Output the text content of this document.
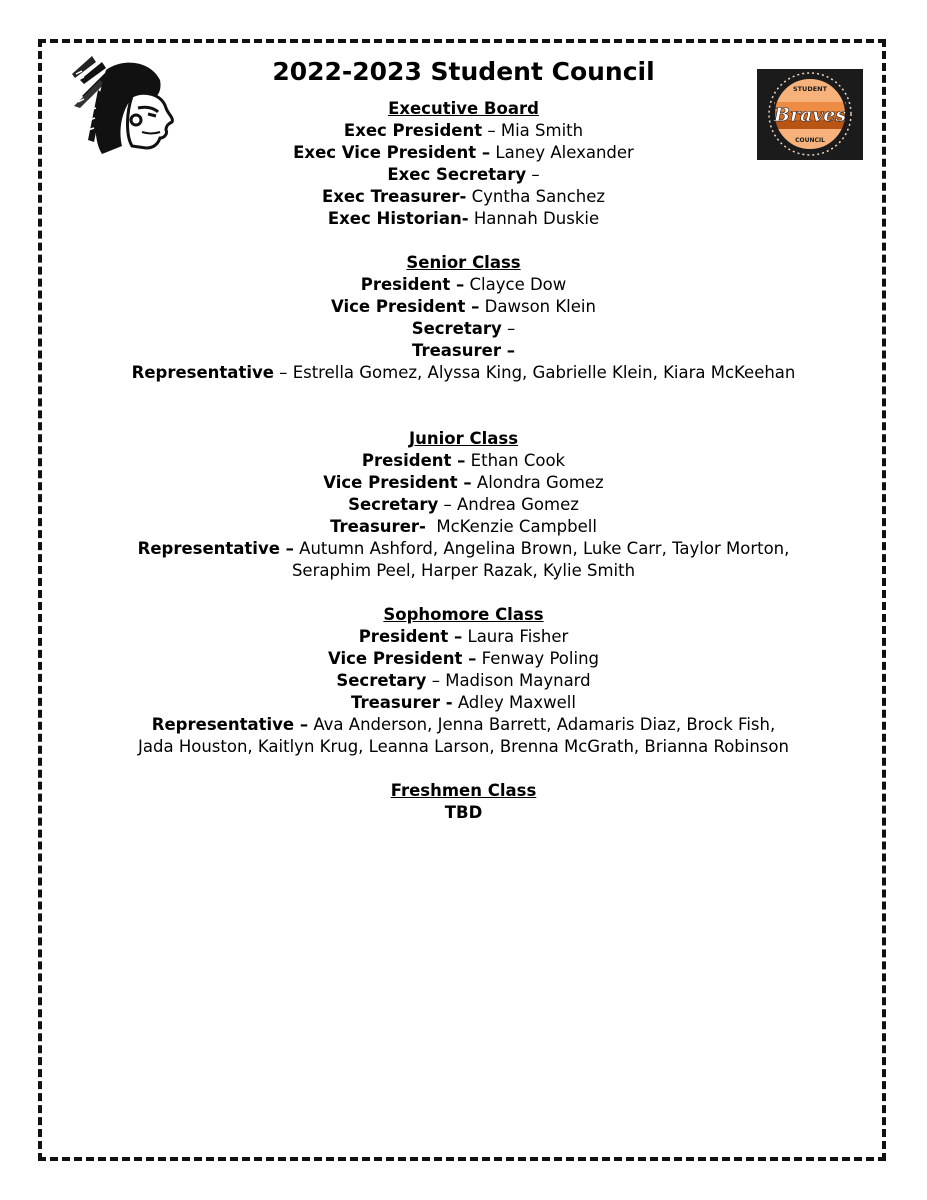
2022-2023 Student Council
STUDENT
Braves
COUNCIL
Executive Board
Exec President – Mia Smith
Exec Vice President – Laney Alexander
Exec Secretary –
Exec Treasurer- Cyntha Sanchez
Exec Historian- Hannah Duskie
Senior Class
President – Clayce Dow
Vice President – Dawson Klein
Secretary –
Treasurer –
Representative – Estrella Gomez, Alyssa King, Gabrielle Klein, Kiara McKeehan
Junior Class
President – Ethan Cook
Vice President – Alondra Gomez
Secretary – Andrea Gomez
Treasurer- McKenzie Campbell
Representative – Autumn Ashford, Angelina Brown, Luke Carr, Taylor Morton,
Seraphim Peel, Harper Razak, Kylie Smith
Sophomore Class
President – Laura Fisher
Vice President – Fenway Poling
Secretary – Madison Maynard
Treasurer - Adley Maxwell
Representative – Ava Anderson, Jenna Barrett, Adamaris Diaz, Brock Fish,
Jada Houston, Kaitlyn Krug, Leanna Larson, Brenna McGrath, Brianna Robinson
Freshmen Class
TBD
